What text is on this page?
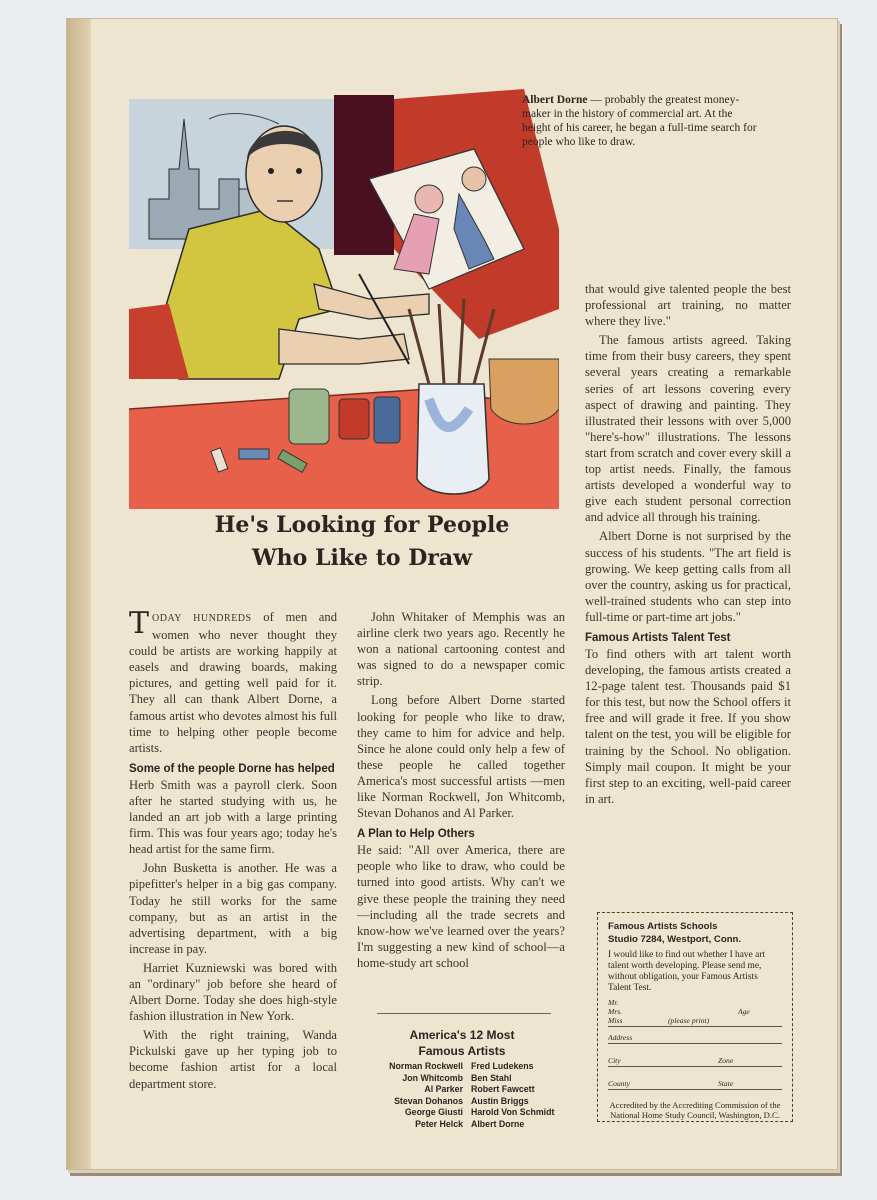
Albert Dorne — probably the greatest money-maker in the history of commercial art. At the height of his career, he began a full-time search for people who like to draw.
He's Looking for People
Who Like to Draw

TODAY HUNDREDS of men and women who never thought they could be artists are working happily at easels and drawing boards, making pictures, and getting well paid for it. They all can thank Albert Dorne, a famous artist who devotes almost his full time to helping other people become artists.

Some of the people Dorne has helped

Herb Smith was a payroll clerk. Soon after he started studying with us, he landed an art job with a large printing firm. This was four years ago; today he's head artist for the same firm.

John Busketta is another. He was a pipefitter's helper in a big gas company. Today he still works for the same company, but as an artist in the advertising department, with a big increase in pay.

Harriet Kuzniewski was bored with an "ordinary" job before she heard of Albert Dorne. Today she does high-style fashion illustration in New York.

With the right training, Wanda Pickulski gave up her typing job to become fashion artist for a local department store.

John Whitaker of Memphis was an airline clerk two years ago. Recently he won a national cartooning contest and was signed to do a newspaper comic strip.

Long before Albert Dorne started looking for people who like to draw, they came to him for advice and help. Since he alone could only help a few of these people he called together America's most successful artists —men like Norman Rockwell, Jon Whitcomb, Stevan Dohanos and Al Parker.

A Plan to Help Others

He said: "All over America, there are people who like to draw, who could be turned into good artists. Why can't we give these people the training they need—including all the trade secrets and know-how we've learned over the years? I'm suggesting a new kind of school—a home-study art school

that would give talented people the best professional art training, no matter where they live."

The famous artists agreed. Taking time from their busy careers, they spent several years creating a remarkable series of art lessons covering every aspect of drawing and painting. They illustrated their lessons with over 5,000 "here's-how" illustrations. The lessons start from scratch and cover every skill a top artist needs. Finally, the famous artists developed a wonderful way to give each student personal correction and advice all through his training.

Albert Dorne is not surprised by the success of his students. "The art field is growing. We keep getting calls from all over the country, asking us for practical, well-trained students who can step into full-time or part-time art jobs."

Famous Artists Talent Test

To find others with art talent worth developing, the famous artists created a 12-page talent test. Thousands paid $1 for this test, but now the School offers it free and will grade it free. If you show talent on the test, you will be eligible for training by the School. No obligation. Simply mail coupon. It might be your first step to an exciting, well-paid career in art.

America's 12 Most
Famous Artists
Norman Rockwell Fred Ludekens
Jon Whitcomb Ben Stahl
Al Parker Robert Fawcett
Stevan Dohanos Austin Briggs
George Giusti Harold Von Schmidt
Peter Helck Albert Dorne
Famous Artists Schools
Studio 7284, Westport, Conn.
I would like to find out whether I have art talent worth developing. Please send me, without obligation, your Famous Artists Talent Test.
Mr.
Mrs.
Miss	(please print)
Age
Address
City	Zone
County	State
Accredited by the Accrediting Commission of the National Home Study Council, Washington, D.C.
